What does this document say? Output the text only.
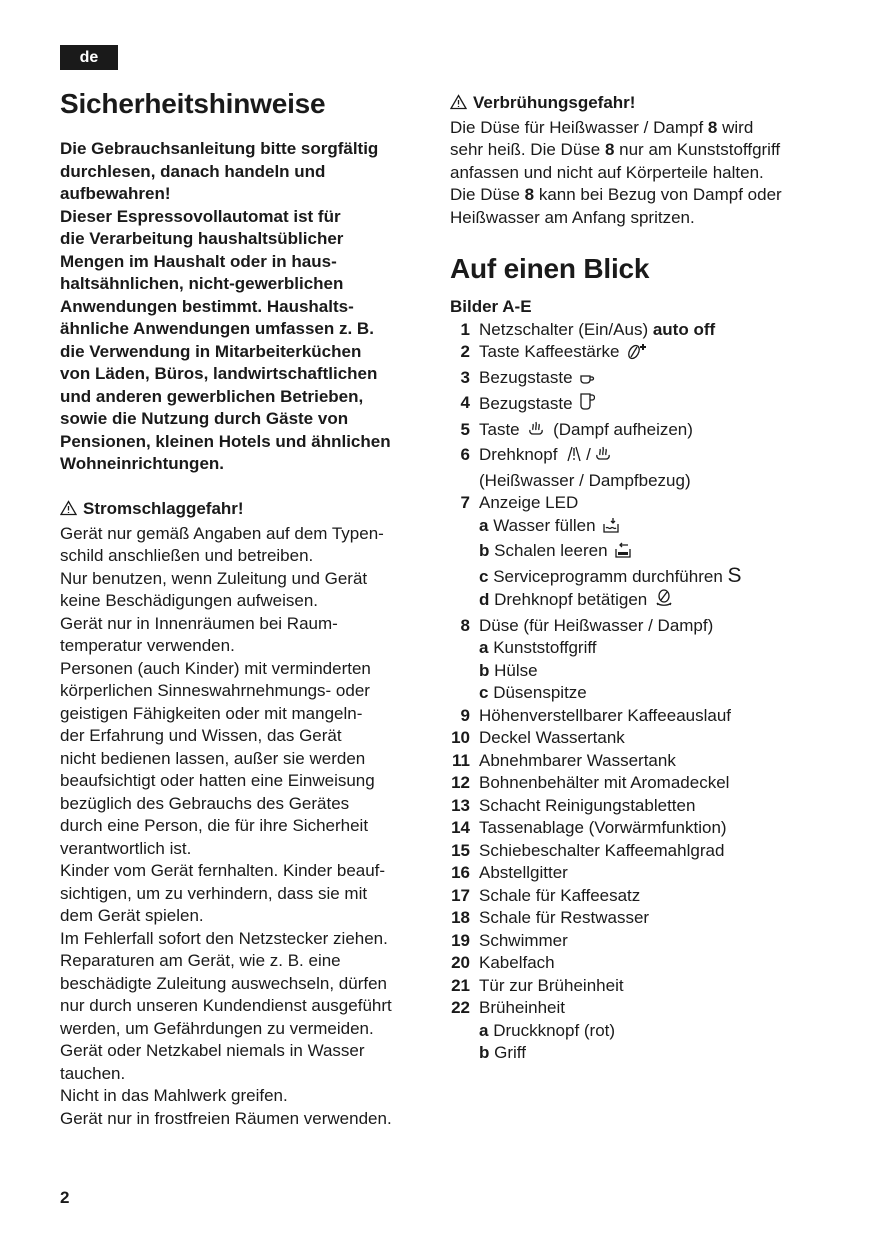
de
Sicherheitshinweise
Die Gebrauchsanleitung bitte sorgfältig
durchlesen, danach handeln und
aufbewahren!
Dieser Espressovollautomat ist für
die Verarbeitung haushaltsüblicher
Mengen im Haushalt oder in haus-
haltsähnlichen, nicht-gewerblichen
Anwendungen bestimmt. Haushalts-
ähnliche Anwendungen umfassen z. B.
die Verwendung in Mitarbeiterküchen
von Läden, Büros, landwirtschaftlichen
und anderen gewerblichen Betrieben,
sowie die Nutzung durch Gäste von
Pensionen, kleinen Hotels und ähnlichen
Wohneinrichtungen.
Stromschlaggefahr!
Gerät nur gemäß Angaben auf dem Typen-
schild anschließen und betreiben.
Nur benutzen, wenn Zuleitung und Gerät
keine Beschädigungen aufweisen.
Gerät nur in Innenräumen bei Raum-
temperatur verwenden.
Personen (auch Kinder) mit verminderten
körperlichen Sinneswahrnehmungs- oder
geistigen Fähigkeiten oder mit mangeln-
der Erfahrung und Wissen, das Gerät
nicht bedienen lassen, außer sie werden
beaufsichtigt oder hatten eine Einweisung
bezüglich des Gebrauchs des Gerätes
durch eine Person, die für ihre Sicherheit
verantwortlich ist.
Kinder vom Gerät fernhalten. Kinder beauf-
sichtigen, um zu verhindern, dass sie mit
dem Gerät spielen.
Im Fehlerfall sofort den Netzstecker ziehen.
Reparaturen am Gerät, wie z. B. eine
beschädigte Zuleitung auswechseln, dürfen
nur durch unseren Kundendienst ausgeführt
werden, um Gefährdungen zu vermeiden.
Gerät oder Netzkabel niemals in Wasser
tauchen.
Nicht in das Mahlwerk greifen.
Gerät nur in frostfreien Räumen verwenden.
Verbrühungsgefahr!
Die Düse für Heißwasser / Dampf 8 wird
sehr heiß. Die Düse 8 nur am Kunststoffgriff
anfassen und nicht auf Körperteile halten.
Die Düse 8 kann bei Bezug von Dampf oder
Heißwasser am Anfang spritzen.
Auf einen Blick
Bilder A-E
1 Netzschalter (Ein/Aus) auto off
2 Taste Kaffeestärke
3 Bezugstaste
4 Bezugstaste
5 Taste  (Dampf aufheizen)
6 Drehknopf /
(Heißwasser / Dampfbezug)
7 Anzeige LED
a Wasser füllen
b Schalen leeren
c Serviceprogramm durchführen S
d Drehknopf betätigen
8 Düse (für Heißwasser / Dampf)
a Kunststoffgriff
b Hülse
c Düsenspitze
9 Höhenverstellbarer Kaffeeauslauf
10 Deckel Wassertank
11 Abnehmbarer Wassertank
12 Bohnenbehälter mit Aromadeckel
13 Schacht Reinigungstabletten
14 Tassenablage (Vorwärmfunktion)
15 Schiebeschalter Kaffeemahlgrad
16 Abstellgitter
17 Schale für Kaffeesatz
18 Schale für Restwasser
19 Schwimmer
20 Kabelfach
21 Tür zur Brüheinheit
22 Brüheinheit
a Druckknopf (rot)
b Griff
2
